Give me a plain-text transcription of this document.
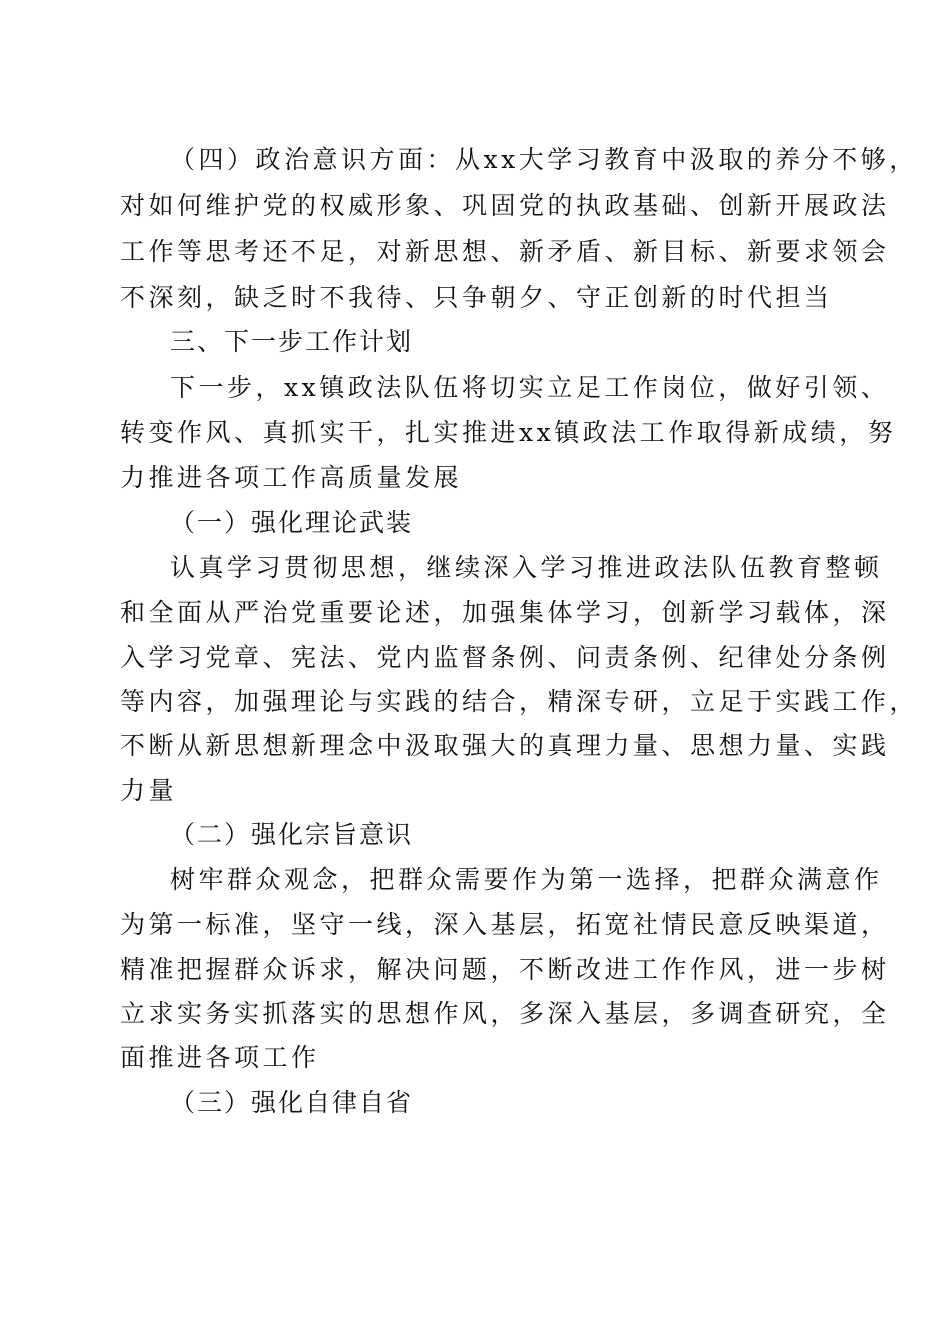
（四）政治意识方面：从xx大学习教育中汲取的养分不够，
对如何维护党的权威形象、巩固党的执政基础、创新开展政法
工作等思考还不足，对新思想、新矛盾、新目标、新要求领会
不深刻，缺乏时不我待、只争朝夕、守正创新的时代担当
三、下一步工作计划
下一步，xx镇政法队伍将切实立足工作岗位，做好引领、
转变作风、真抓实干，扎实推进xx镇政法工作取得新成绩，努
力推进各项工作高质量发展
（一）强化理论武装
认真学习贯彻思想，继续深入学习推进政法队伍教育整顿
和全面从严治党重要论述，加强集体学习，创新学习载体，深
入学习党章、宪法、党内监督条例、问责条例、纪律处分条例
等内容，加强理论与实践的结合，精深专研，立足于实践工作，
不断从新思想新理念中汲取强大的真理力量、思想力量、实践
力量
（二）强化宗旨意识
树牢群众观念，把群众需要作为第一选择，把群众满意作
为第一标准，坚守一线，深入基层，拓宽社情民意反映渠道，
精准把握群众诉求，解决问题，不断改进工作作风，进一步树
立求实务实抓落实的思想作风，多深入基层，多调查研究，全
面推进各项工作
（三）强化自律自省
